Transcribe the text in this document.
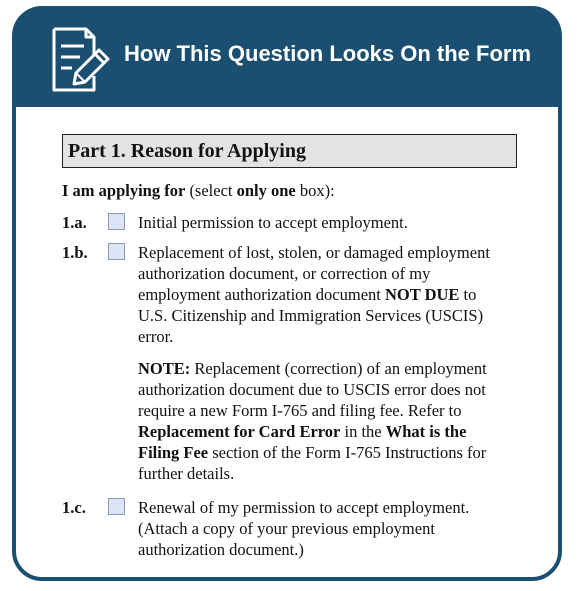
How This Question Looks On the Form
Part 1. Reason for Applying
I am applying for (select only one box):
1.a.	Initial permission to accept employment.
1.b.	Replacement of lost, stolen, or damaged employment
authorization document, or correction of my
employment authorization document NOT DUE to
U.S. Citizenship and Immigration Services (USCIS)
error.
NOTE: Replacement (correction) of an employment
authorization document due to USCIS error does not
require a new Form I-765 and filing fee. Refer to
Replacement for Card Error in the What is the
Filing Fee section of the Form I-765 Instructions for
further details.
1.c.	Renewal of my permission to accept employment.
(Attach a copy of your previous employment
authorization document.)
